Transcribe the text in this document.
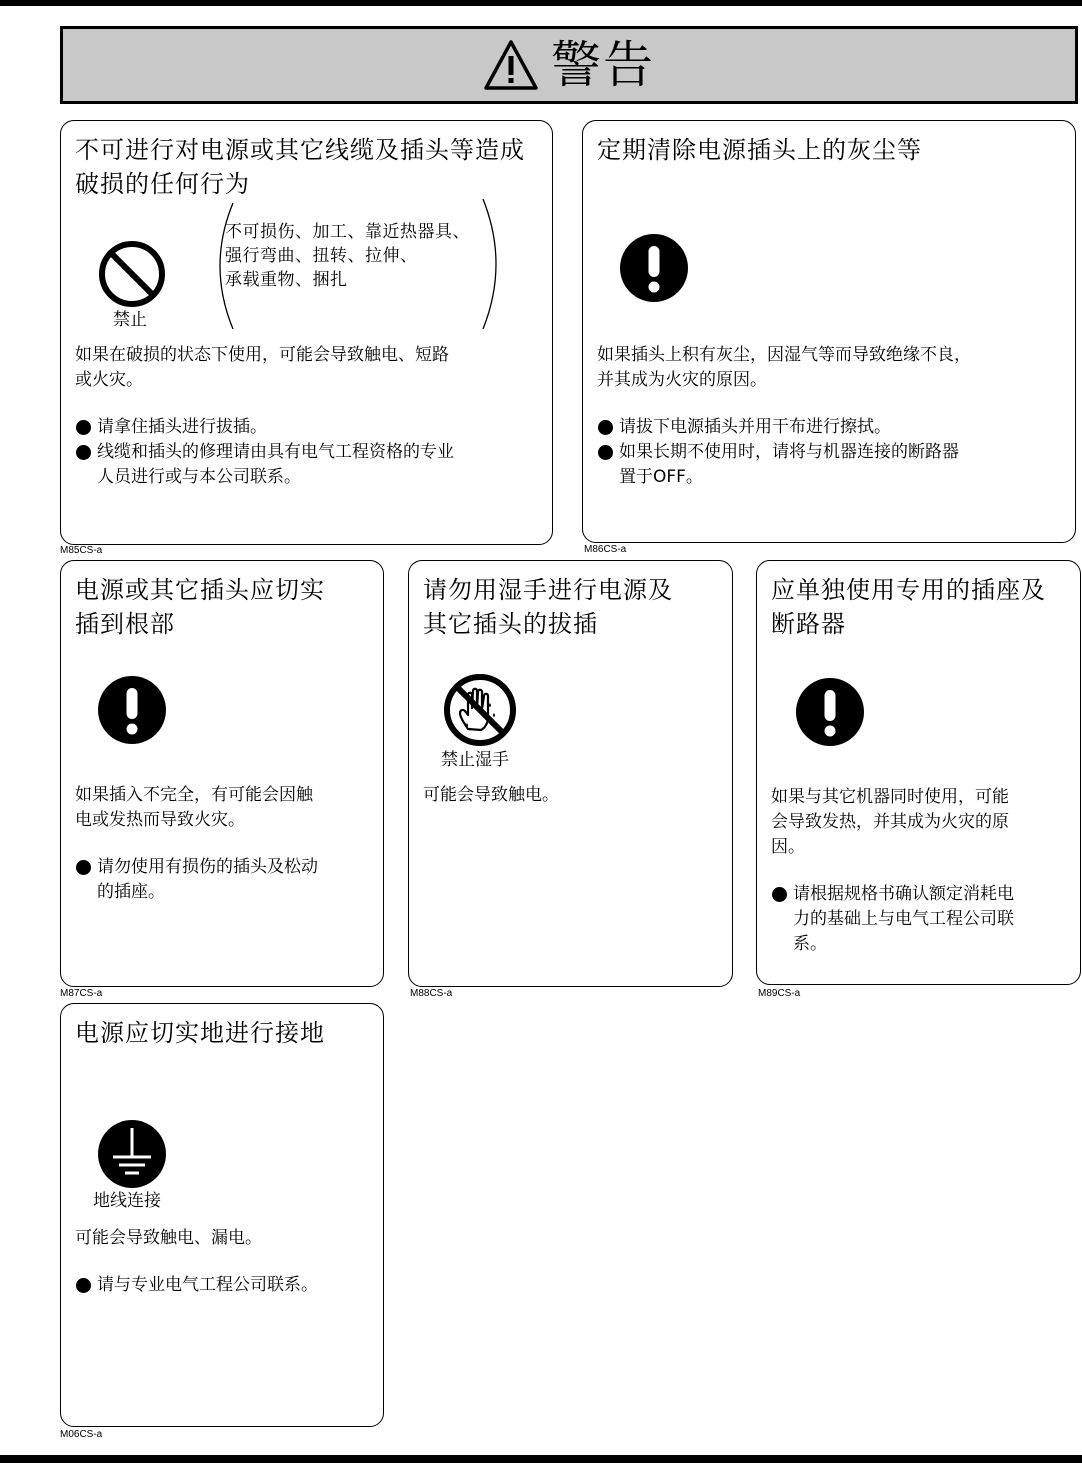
警告
不可进行对电源或其它线缆及插头等造成
破损的任何行为
禁止
不可损伤、加工、靠近热器具、
强行弯曲、扭转、拉伸、
承载重物、捆扎

如果在破损的状态下使用，可能会导致触电、短路

或火灾。

请拿住插头进行拔插。
线缆和插头的修理请由具有电气工程资格的专业
人员进行或与本公司联系。
M85CS-a
定期清除电源插头上的灰尘等

如果插头上积有灰尘，因湿气等而导致绝缘不良，

并其成为火灾的原因。

请拔下电源插头并用干布进行擦拭。
如果长期不使用时，请将与机器连接的断路器
置于OFF。
M86CS-a
电源或其它插头应切实
插到根部

如果插入不完全，有可能会因触

电或发热而导致火灾。

请勿使用有损伤的插头及松动
的插座。
M87CS-a
请勿用湿手进行电源及
其它插头的拔插
禁止湿手

可能会导致触电。

M88CS-a
应单独使用专用的插座及
断路器

如果与其它机器同时使用，可能

会导致发热，并其成为火灾的原

因。

请根据规格书确认额定消耗电
力的基础上与电气工程公司联
系。
M89CS-a
电源应切实地进行接地
地线连接

可能会导致触电、漏电。

请与专业电气工程公司联系。
M06CS-a
